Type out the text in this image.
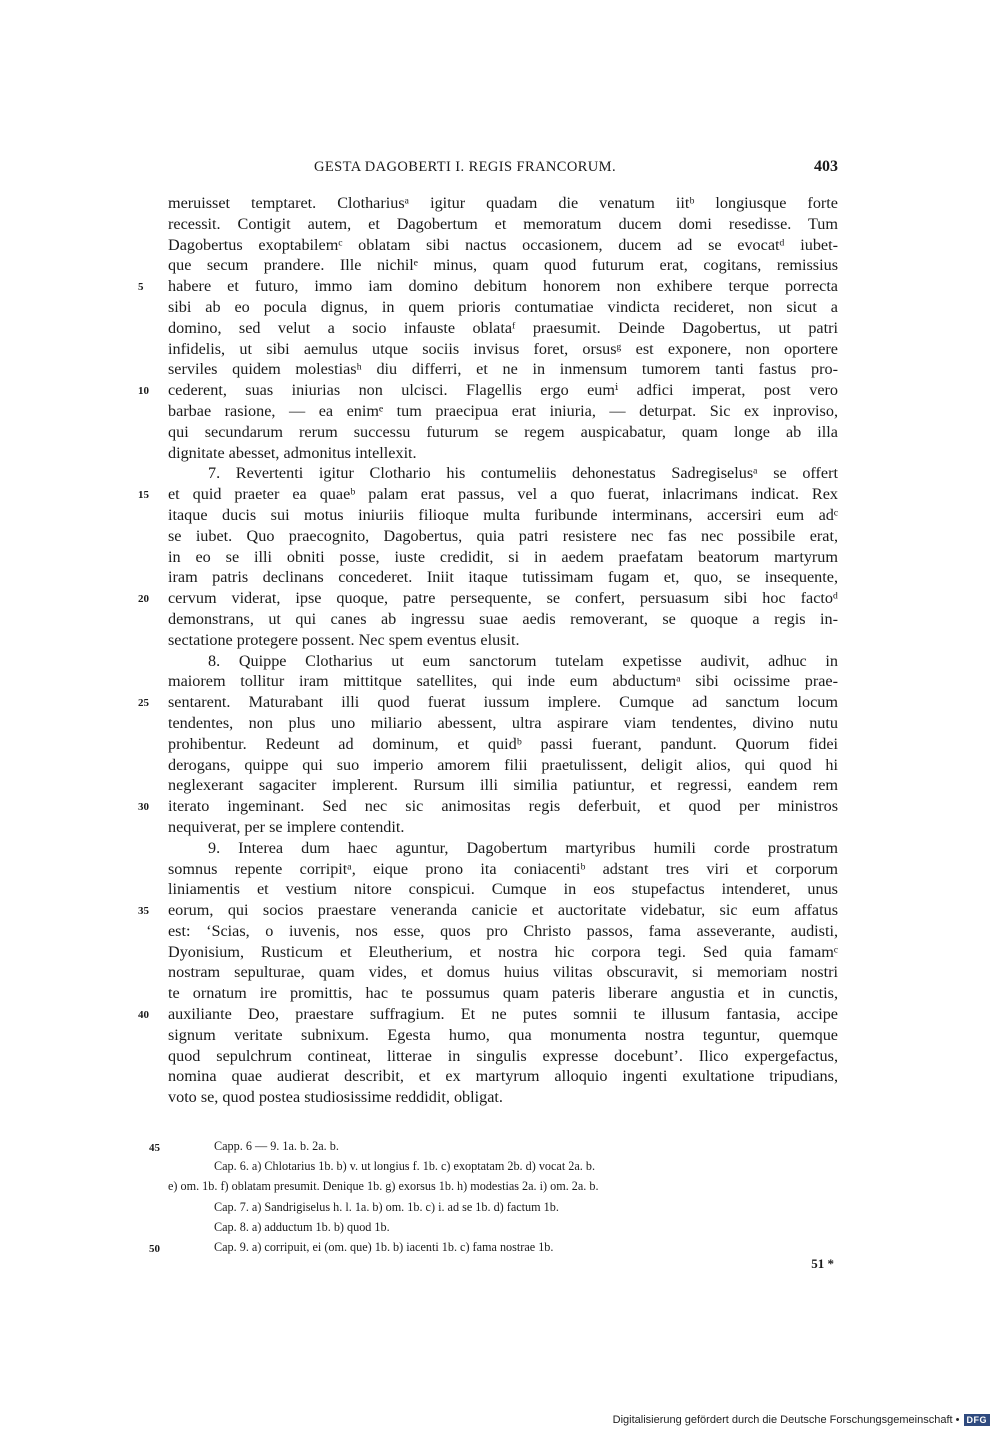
GESTA DAGOBERTI I. REGIS FRANCORUM.	403
meruisset temptaret. Clothariusᵃ igitur quadam die venatum iitᵇ longiusque forte
recessit. Contigit autem, et Dagobertum et memoratum ducem domi resedisse. Tum
Dagobertus exoptabilemᶜ oblatam sibi nactus occasionem, ducem ad se evocatᵈ iubet-
que secum prandere. Ille nichilᵉ minus, quam quod futurum erat, cogitans, remissius
5	habere et futuro, immo iam domino debitum honorem non exhibere terque porrecta
sibi ab eo pocula dignus, in quem prioris contumatiae vindicta recideret, non sicut a
domino, sed velut a socio infauste oblataᶠ praesumit. Deinde Dagobertus, ut patri
infidelis, ut sibi aemulus utque sociis invisus foret, orsusᵍ est exponere, non oportere
serviles quidem molestiasʰ diu differri, et ne in inmensum tumorem tanti fastus pro-
10	cederent, suas iniurias non ulcisci. Flagellis ergo eumⁱ adfici imperat, post vero
barbae rasione, — ea enimᵉ tum praecipua erat iniuria, — deturpat. Sic ex inproviso,
qui secundarum rerum successu futurum se regem auspicabatur, quam longe ab illa
dignitate abesset, admonitus intellexit.
7. Revertenti igitur Clothario his contumeliis dehonestatus Sadregiselusᵃ se offert
15	et quid praeter ea quaeᵇ palam erat passus, vel a quo fuerat, inlacrimans indicat. Rex
itaque ducis sui motus iniuriis filioque multa furibunde interminans, accersiri eum adᶜ
se iubet. Quo praecognito, Dagobertus, quia patri resistere nec fas nec possibile erat,
in eo se illi obniti posse, iuste credidit, si in aedem praefatam beatorum martyrum
iram patris declinans concederet. Iniit itaque tutissimam fugam et, quo, se insequente,
20	cervum viderat, ipse quoque, patre persequente, se confert, persuasum sibi hoc factoᵈ
demonstrans, ut qui canes ab ingressu suae aedis removerant, se quoque a regis in-
sectatione protegere possent. Nec spem eventus elusit.
8. Quippe Clotharius ut eum sanctorum tutelam expetisse audivit, adhuc in
maiorem tollitur iram mittitque satellites, qui inde eum abductumᵃ sibi ocissime prae-
25	sentarent. Maturabant illi quod fuerat iussum implere. Cumque ad sanctum locum
tendentes, non plus uno miliario abessent, ultra aspirare viam tendentes, divino nutu
prohibentur. Redeunt ad dominum, et quidᵇ passi fuerant, pandunt. Quorum fidei
derogans, quippe qui suo imperio amorem filii praetulissent, deligit alios, qui quod hi
neglexerant sagaciter implerent. Rursum illi similia patiuntur, et regressi, eandem rem
30	iterato ingeminant. Sed nec sic animositas regis deferbuit, et quod per ministros
nequiverat, per se implere contendit.
9. Interea dum haec aguntur, Dagobertum martyribus humili corde prostratum
somnus repente corripitᵃ, eique prono ita coniacentiᵇ adstant tres viri et corporum
liniamentis et vestium nitore conspicui. Cumque in eos stupefactus intenderet, unus
35	eorum, qui socios praestare veneranda canicie et auctoritate videbatur, sic eum affatus
est: ‘Scias, o iuvenis, nos esse, quos pro Christo passos, fama asseverante, audisti,
Dyonisium, Rusticum et Eleutherium, et nostra hic corpora tegi. Sed quia famamᶜ
nostram sepulturae, quam vides, et domus huius vilitas obscuravit, si memoriam nostri
te ornatum ire promittis, hac te possumus quam pateris liberare angustia et in cunctis,
40	auxiliante Deo, praestare suffragium. Et ne putes somnii te illusum fantasia, accipe
signum veritate subnixum. Egesta humo, qua monumenta nostra teguntur, quemque
quod sepulchrum contineat, litterae in singulis expresse docebunt’. Ilico expergefactus,
nomina quae audierat describit, et ex martyrum alloquio ingenti exultatione tripudians,
voto se, quod postea studiosissime reddidit, obligat.
45	Capp. 6 — 9. 1a. b. 2a. b.
Cap. 6. a) Chlotarius 1b. b) v. ut longius f. 1b. c) exoptatam 2b. d) vocat 2a. b.
e) om. 1b. f) oblatam presumit. Denique 1b. g) exorsus 1b. h) modestias 2a. i) om. 2a. b.
Cap. 7. a) Sandrigiselus h. l. 1a. b) om. 1b. c) i. ad se 1b. d) factum 1b.
Cap. 8. a) adductum 1b. b) quod 1b.
50	Cap. 9. a) corripuit, ei (om. que) 1b. b) iacenti 1b. c) fama nostrae 1b.
51 *
Digitalisierung gefördert durch die Deutsche Forschungsgemeinschaft • DFG
